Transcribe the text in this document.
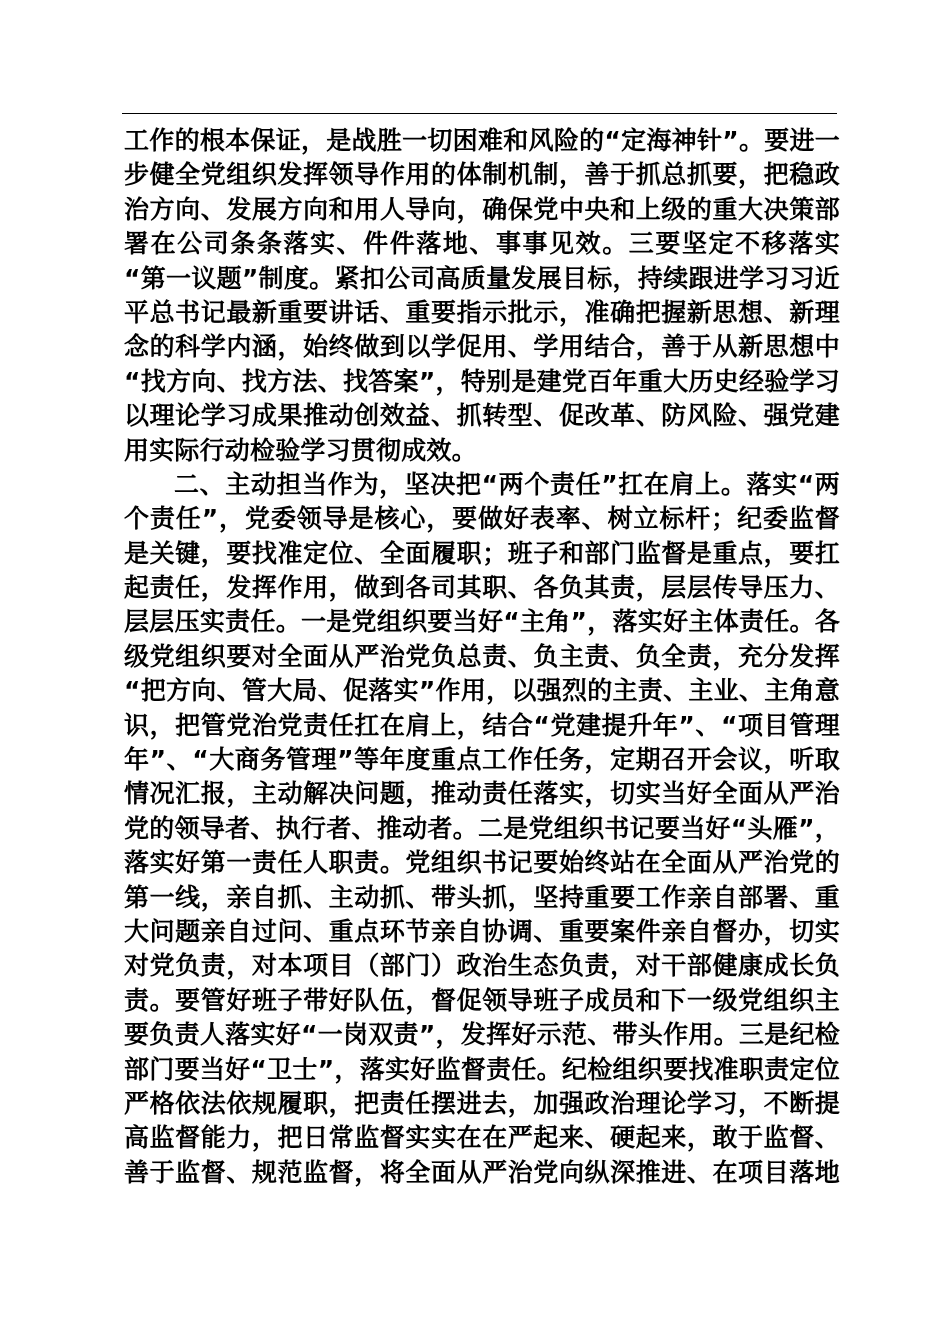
工作的根本保证，是战胜一切困难和风险的“定海神针”。要进一
步健全党组织发挥领导作用的体制机制，善于抓总抓要，把稳政
治方向、发展方向和用人导向，确保党中央和上级的重大决策部
署在公司条条落实、件件落地、事事见效。三要坚定不移落实
“第一议题”制度。紧扣公司高质量发展目标，持续跟进学习习近
平总书记最新重要讲话、重要指示批示，准确把握新思想、新理
念的科学内涵，始终做到以学促用、学用结合，善于从新思想中
“找方向、找方法、找答案”，特别是建党百年重大历史经验学习
以理论学习成果推动创效益、抓转型、促改革、防风险、强党建
用实际行动检验学习贯彻成效。
二、主动担当作为，坚决把“两个责任”扛在肩上。落实“两
个责任”，党委领导是核心，要做好表率、树立标杆；纪委监督
是关键，要找准定位、全面履职；班子和部门监督是重点，要扛
起责任，发挥作用，做到各司其职、各负其责，层层传导压力、
层层压实责任。一是党组织要当好“主角”，落实好主体责任。各
级党组织要对全面从严治党负总责、负主责、负全责，充分发挥
“把方向、管大局、促落实”作用，以强烈的主责、主业、主角意
识，把管党治党责任扛在肩上，结合“党建提升年”、“项目管理
年”、“大商务管理”等年度重点工作任务，定期召开会议，听取
情况汇报，主动解决问题，推动责任落实，切实当好全面从严治
党的领导者、执行者、推动者。二是党组织书记要当好“头雁”，
落实好第一责任人职责。党组织书记要始终站在全面从严治党的
第一线，亲自抓、主动抓、带头抓，坚持重要工作亲自部署、重
大问题亲自过问、重点环节亲自协调、重要案件亲自督办，切实
对党负责，对本项目（部门）政治生态负责，对干部健康成长负
责。要管好班子带好队伍，督促领导班子成员和下一级党组织主
要负责人落实好“一岗双责”，发挥好示范、带头作用。三是纪检
部门要当好“卫士”，落实好监督责任。纪检组织要找准职责定位
严格依法依规履职，把责任摆进去，加强政治理论学习，不断提
高监督能力，把日常监督实实在在严起来、硬起来，敢于监督、
善于监督、规范监督，将全面从严治党向纵深推进、在项目落地
